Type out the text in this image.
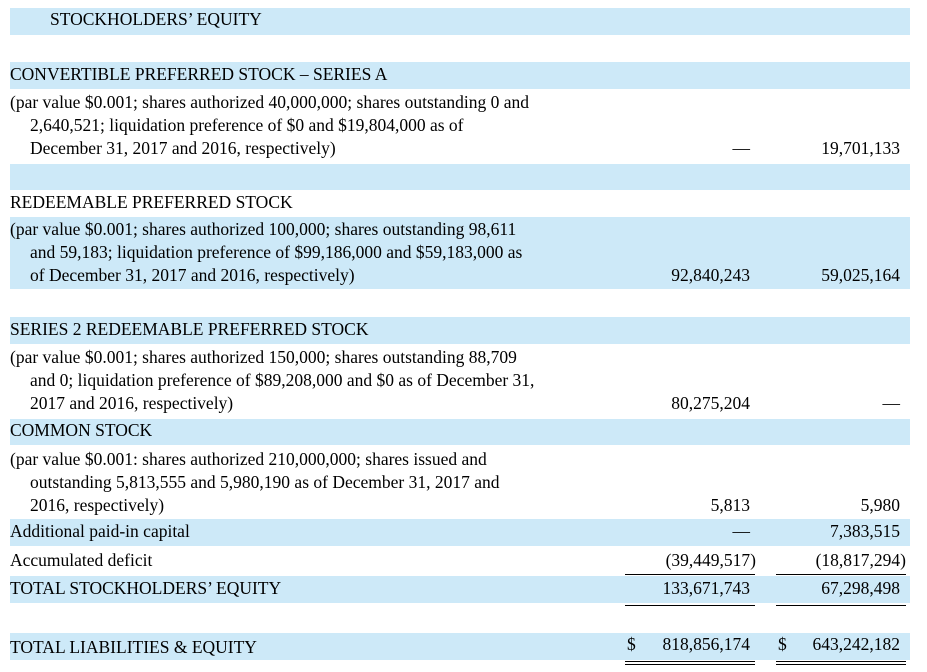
STOCKHOLDERS’ EQUITY
CONVERTIBLE PREFERRED STOCK – SERIES A
(par value $0.001; shares authorized 40,000,000; shares outstanding 0 and
2,640,521; liquidation preference of $0 and $19,804,000 as of
December 31, 2017 and 2016, respectively)	—	19,701,133
REDEEMABLE PREFERRED STOCK
(par value $0.001; shares authorized 100,000; shares outstanding 98,611
and 59,183; liquidation preference of $99,186,000 and $59,183,000 as
of December 31, 2017 and 2016, respectively)	92,840,243	59,025,164
SERIES 2 REDEEMABLE PREFERRED STOCK
(par value $0.001; shares authorized 150,000; shares outstanding 88,709
and 0; liquidation preference of $89,208,000 and $0 as of December 31,
2017 and 2016, respectively)	80,275,204	—
COMMON STOCK
(par value $0.001: shares authorized 210,000,000; shares issued and
outstanding 5,813,555 and 5,980,190 as of December 31, 2017 and
2016, respectively)	5,813	5,980
Additional paid-in capital	—	7,383,515
Accumulated deficit	(39,449,517)	(18,817,294)
TOTAL STOCKHOLDERS’ EQUITY	133,671,743	67,298,498
TOTAL LIABILITIES & EQUITY	$ 818,856,174 $ 643,242,182
